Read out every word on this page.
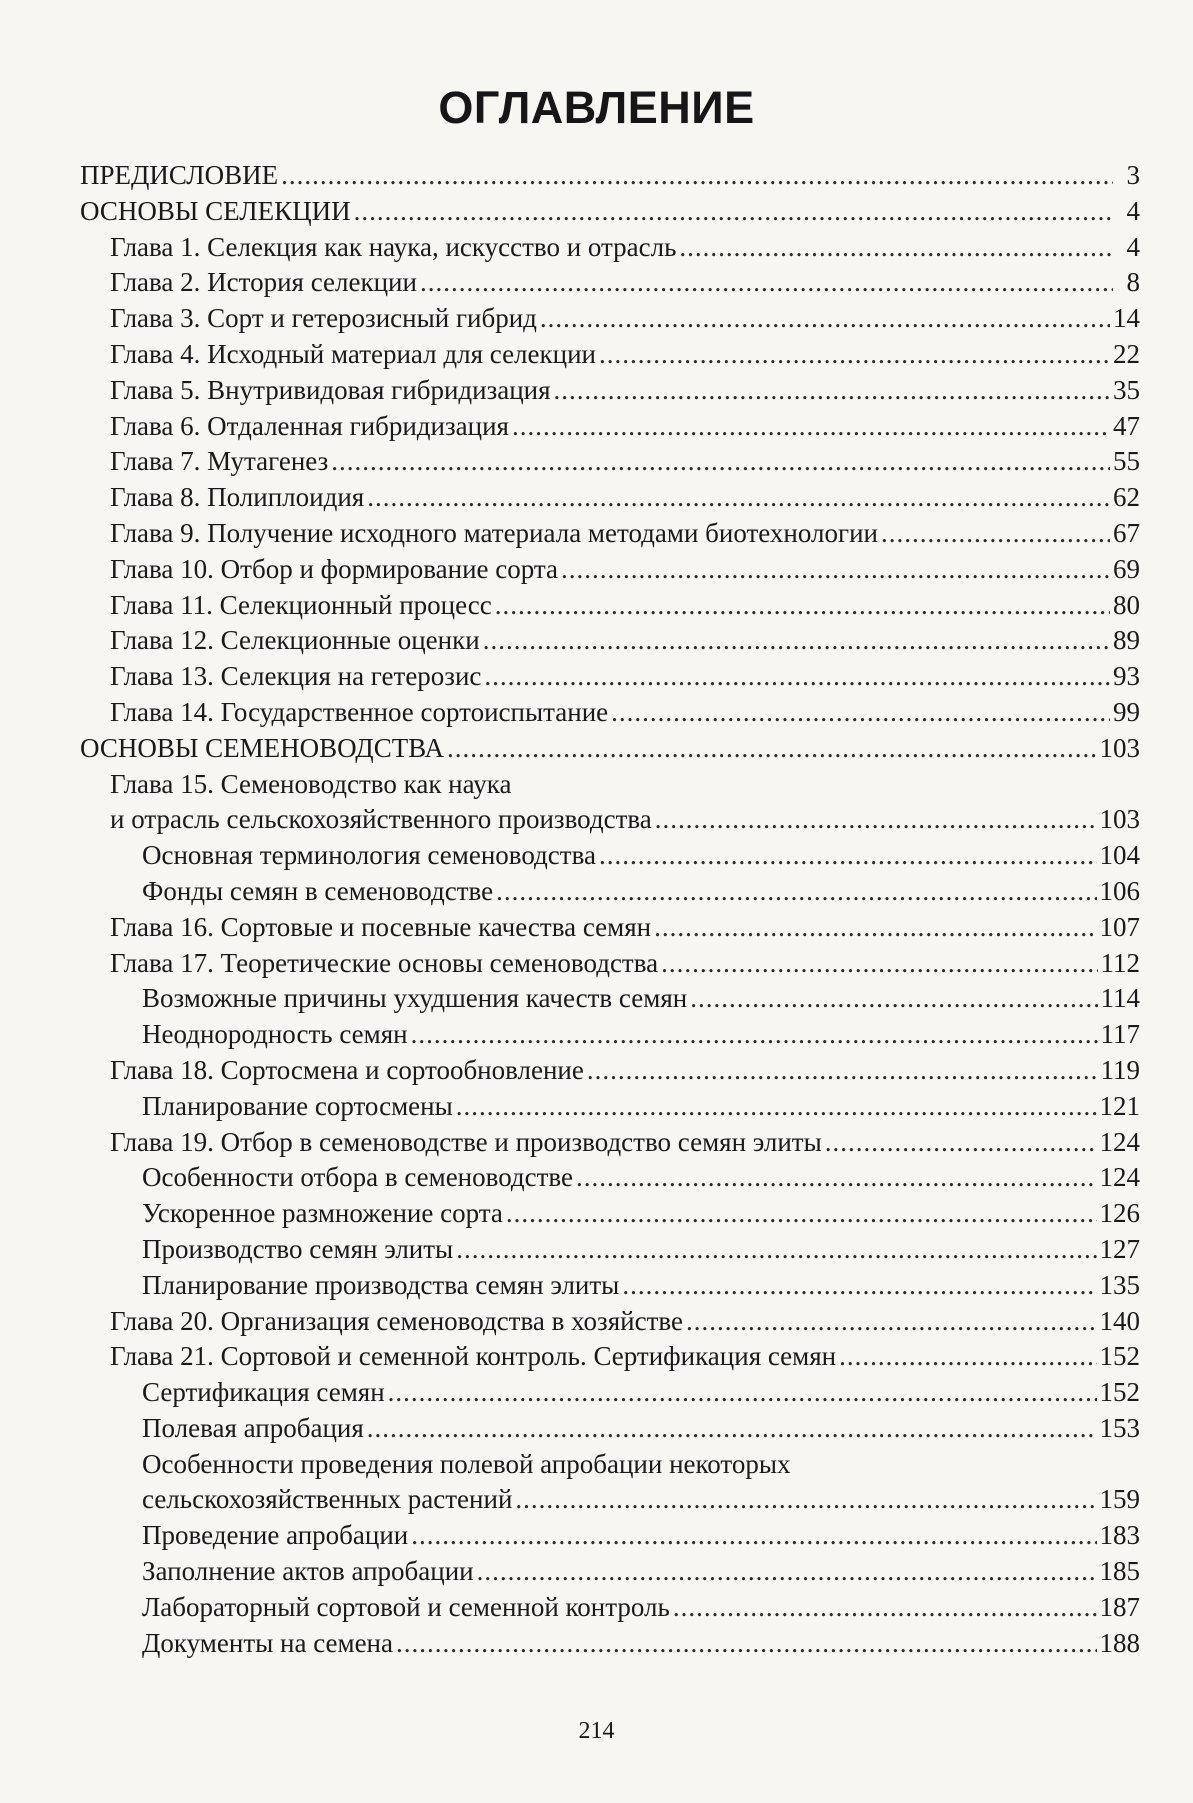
ОГЛАВЛЕНИЕ
ПРЕДИСЛОВИЕ .....	3
ОСНОВЫ СЕЛЕКЦИИ .....	4
Глава 1. Селекция как наука, искусство и отрасль .....	4
Глава 2. История селекции .....	8
Глава 3. Сорт и гетерозисный гибрид .....	14
Глава 4. Исходный материал для селекции .....	22
Глава 5. Внутривидовая гибридизация .....	35
Глава 6. Отдаленная гибридизация .....	47
Глава 7. Мутагенез .....	55
Глава 8. Полиплоидия .....	62
Глава 9. Получение исходного материала методами биотехнологии .....	67
Глава 10. Отбор и формирование сорта .....	69
Глава 11. Селекционный процесс .....	80
Глава 12. Селекционные оценки .....	89
Глава 13. Селекция на гетерозис .....	93
Глава 14. Государственное сортоиспытание .....	99
ОСНОВЫ СЕМЕНОВОДСТВА .....	103
Глава 15. Семеноводство как наука
и отрасль сельскохозяйственного производства .....	103
Основная терминология семеноводства .....	104
Фонды семян в семеноводстве .....	106
Глава 16. Сортовые и посевные качества семян .....	107
Глава 17. Теоретические основы семеноводства .....	112
Возможные причины ухудшения качеств семян .....	114
Неоднородность семян .....	117
Глава 18. Сортосмена и сортообновление .....	119
Планирование сортосмены .....	121
Глава 19. Отбор в семеноводстве и производство семян элиты .....	124
Особенности отбора в семеноводстве .....	124
Ускоренное размножение сорта .....	126
Производство семян элиты .....	127
Планирование производства семян элиты .....	135
Глава 20. Организация семеноводства в хозяйстве .....	140
Глава 21. Сортовой и семенной контроль. Сертификация семян .....	152
Сертификация семян .....	152
Полевая апробация .....	153
Особенности проведения полевой апробации некоторых
сельскохозяйственных растений .....	159
Проведение апробации .....	183
Заполнение актов апробации .....	185
Лабораторный сортовой и семенной контроль .....	187
Документы на семена .....	188
214
